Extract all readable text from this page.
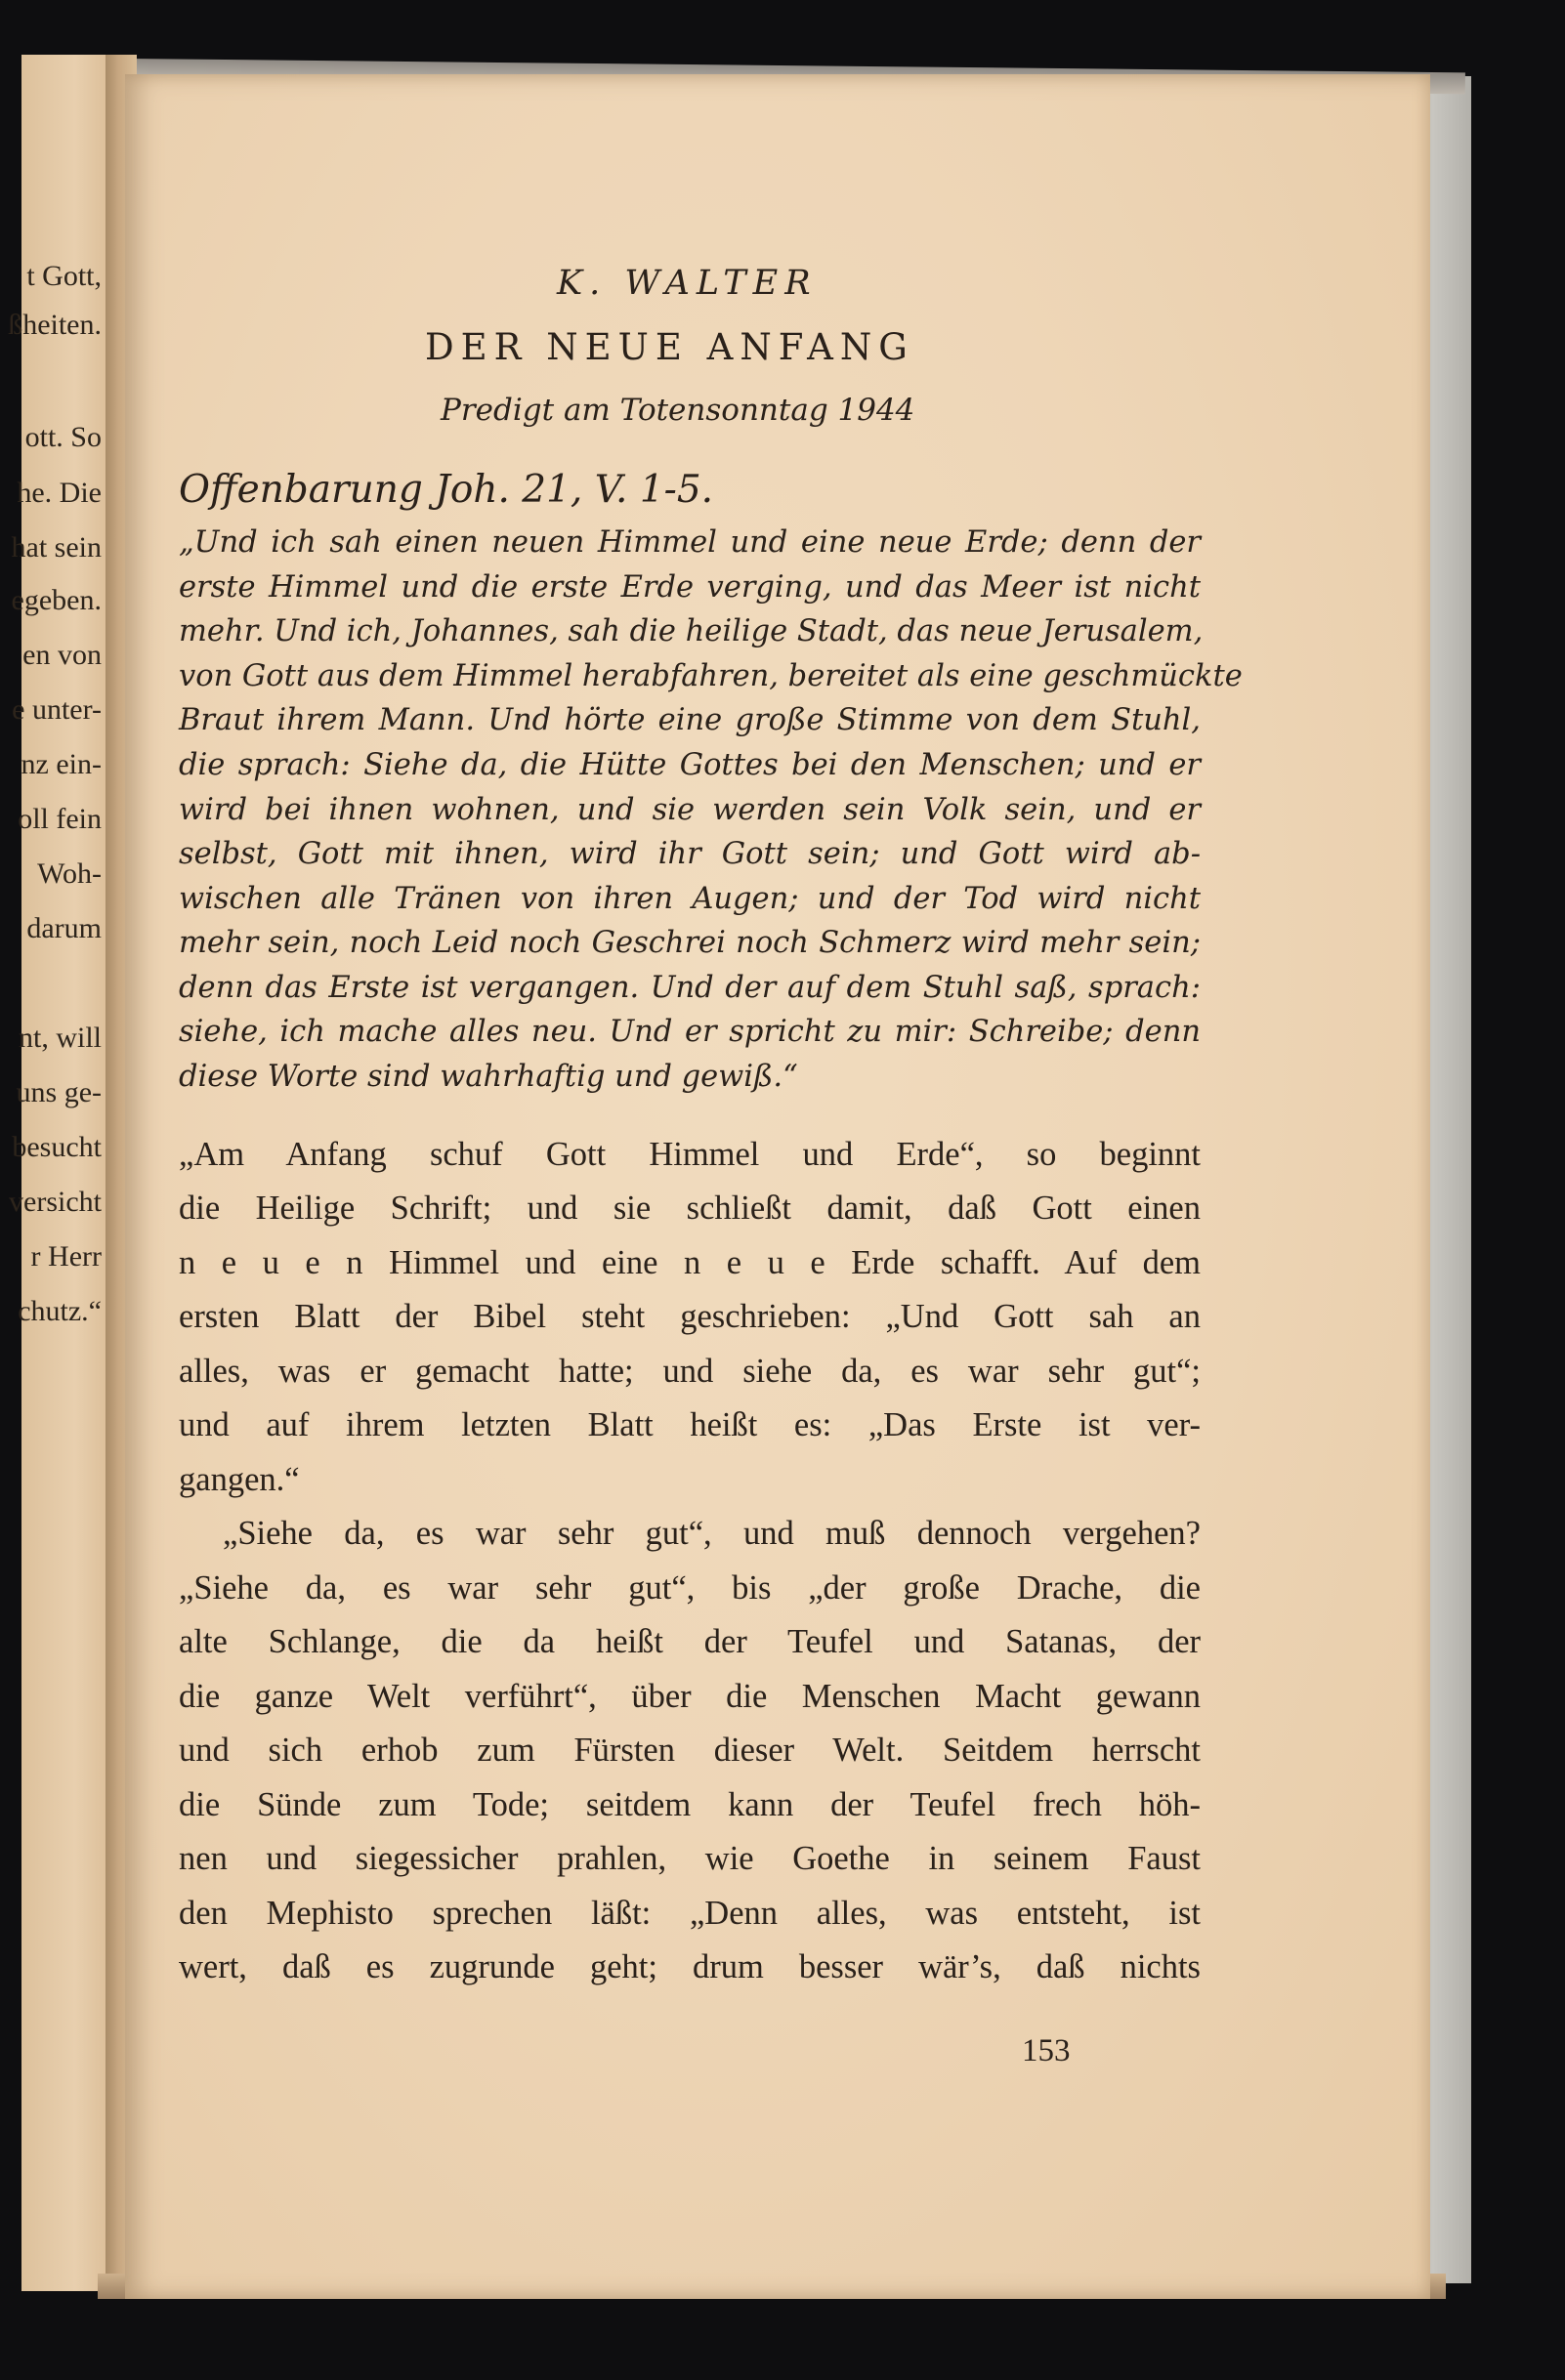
t Gott,
ßheiten.
ott. So
he. Die
hat sein
egeben.
en von
e unter-
nz ein-
oll fein
Woh-
darum
nt, will
uns ge-
besucht
versicht
r Herr
chutz.“
K. WALTER
DER NEUE ANFANG
Predigt am Totensonntag 1944
Offenbarung Joh. 21, V. 1-5.
„Und ich sah einen neuen Himmel und eine neue Erde; denn der
erste Himmel und die erste Erde verging, und das Meer ist nicht
mehr. Und ich, Johannes, sah die heilige Stadt, das neue Jerusalem,
von Gott aus dem Himmel herabfahren, bereitet als eine geschmückte
Braut ihrem Mann. Und hörte eine große Stimme von dem Stuhl,
die sprach: Siehe da, die Hütte Gottes bei den Menschen; und er
wird bei ihnen wohnen, und sie werden sein Volk sein, und er
selbst, Gott mit ihnen, wird ihr Gott sein; und Gott wird ab-
wischen alle Tränen von ihren Augen; und der Tod wird nicht
mehr sein, noch Leid noch Geschrei noch Schmerz wird mehr sein;
denn das Erste ist vergangen. Und der auf dem Stuhl saß, sprach:
siehe, ich mache alles neu. Und er spricht zu mir: Schreibe; denn
diese Worte sind wahrhaftig und gewiß.“
„Am Anfang schuf Gott Himmel und Erde“, so beginnt
die Heilige Schrift; und sie schließt damit, daß Gott einen
n e u e n Himmel und eine n e u e Erde schafft. Auf dem
ersten Blatt der Bibel steht geschrieben: „Und Gott sah an
alles, was er gemacht hatte; und siehe da, es war sehr gut“;
und auf ihrem letzten Blatt heißt es: „Das Erste ist ver-
gangen.“
„Siehe da, es war sehr gut“, und muß dennoch vergehen?
„Siehe da, es war sehr gut“, bis „der große Drache, die
alte Schlange, die da heißt der Teufel und Satanas, der
die ganze Welt verführt“, über die Menschen Macht gewann
und sich erhob zum Fürsten dieser Welt. Seitdem herrscht
die Sünde zum Tode; seitdem kann der Teufel frech höh-
nen und siegessicher prahlen, wie Goethe in seinem Faust
den Mephisto sprechen läßt: „Denn alles, was entsteht, ist
wert, daß es zugrunde geht; drum besser wär’s, daß nichts
153
